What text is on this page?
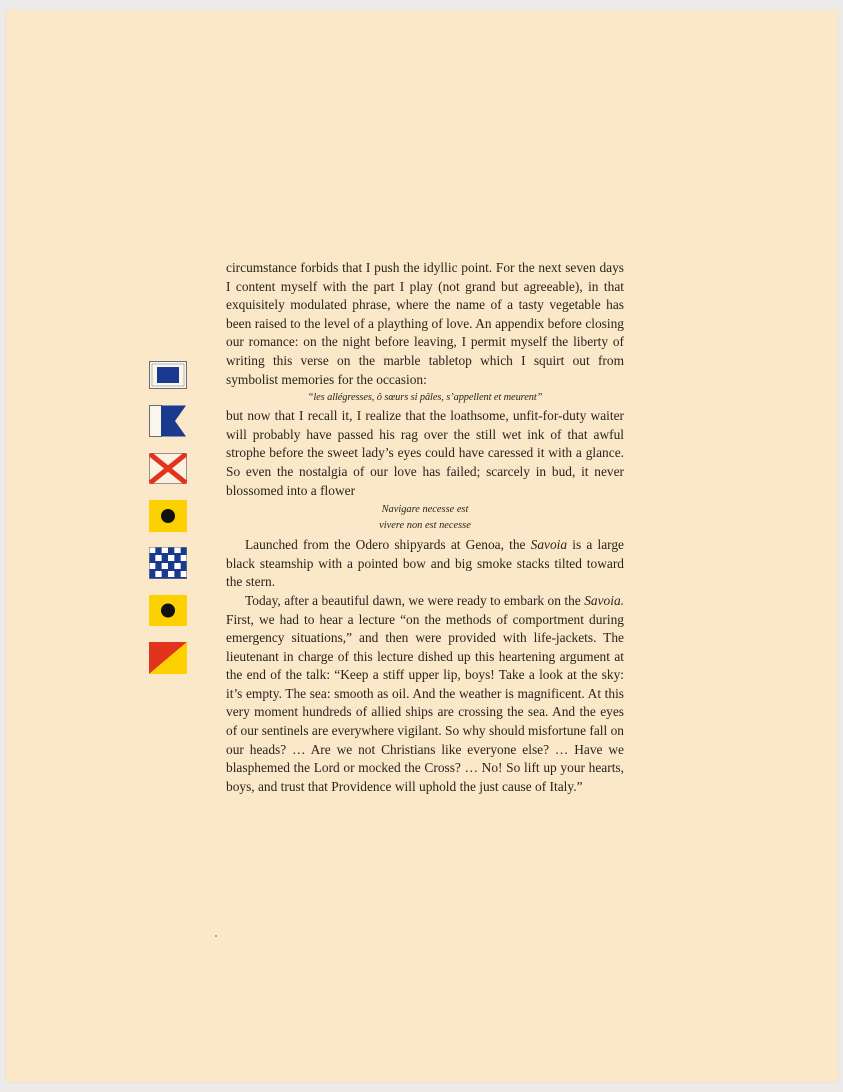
circumstance forbids that I push the idyllic point. For the next seven days I content myself with the part I play (not grand but agreeable), in that exquisitely modulated phrase, where the name of a tasty vegetable has been raised to the level of a plaything of love. An appendix before closing our romance: on the night before leaving, I permit myself the liberty of writing this verse on the marble tabletop which I squirt out from symbolist memories for the occasion:

“les allégresses, ô sœurs si pâles, s’appellent et meurent”

but now that I recall it, I realize that the loathsome, unfit-for-duty waiter will probably have passed his rag over the still wet ink of that awful strophe before the sweet lady’s eyes could have caressed it with a glance. So even the nostalgia of our love has failed; scarcely in bud, it never blossomed into a flower

Navigare necesse est
vivere non est necesse

Launched from the Odero shipyards at Genoa, the Savoia is a large black steamship with a pointed bow and big smoke stacks tilted toward the stern.

Today, after a beautiful dawn, we were ready to embark on the Savoia. First, we had to hear a lecture “on the methods of comportment during emergency situations,” and then were provided with life-jackets. The lieutenant in charge of this lecture dished up this heartening argument at the end of the talk: “Keep a stiff upper lip, boys! Take a look at the sky: it’s empty. The sea: smooth as oil. And the weather is magnificent. At this very moment hundreds of allied ships are crossing the sea. And the eyes of our sentinels are everywhere vigilant. So why should misfortune fall on our heads? … Are we not Christians like everyone else? … Have we blasphemed the Lord or mocked the Cross? … No! So lift up your hearts, boys, and trust that Providence will uphold the just cause of Italy.”
